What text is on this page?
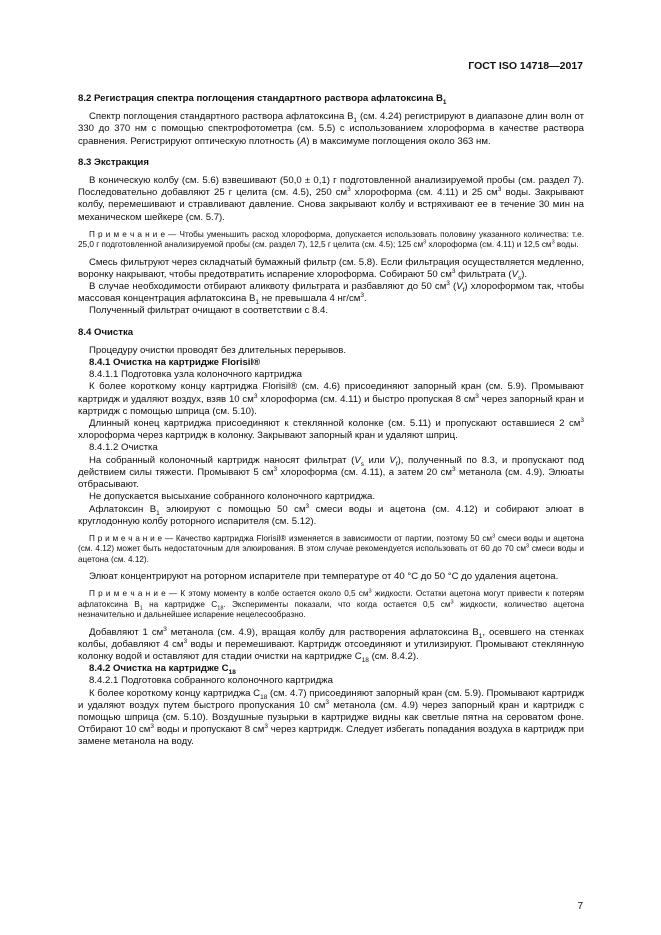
ГОСТ ISO 14718—2017
8.2 Регистрация спектра поглощения стандартного раствора афлатоксина $B_1$

Спектр поглощения стандартного раствора афлатоксина $B_1$ (см. 4.24) регистрируют в диапазоне длин волн от 330 до 370 нм с помощью спектрофотометра (см. 5.5) с использованием хлороформа в качестве раствора сравнения. Регистрируют оптическую плотность (A) в максимуме поглощения около 363 нм.

8.3 Экстракция

В коническую колбу (см. 5.6) взвешивают (50,0 ± 0,1) г подготовленной анализируемой пробы (см. раздел 7). Последовательно добавляют 25 г целита (см. 4.5), 250 $см^3$ хлороформа (см. 4.11) и 25 $см^3$ воды. Закрывают колбу, перемешивают и стравливают давление. Снова закрывают колбу и встряхивают ее в течение 30 мин на механическом шейкере (см. 5.7).

П р и м е ч а н и е — Чтобы уменьшить расход хлороформа, допускается использовать половину указанного количества: т.е. 25,0 г подготовленной анализируемой пробы (см. раздел 7), 12,5 г целита (см. 4.5); 125 $см^3$ хлороформа (см. 4.11) и 12,5 $см^3$ воды.

Смесь фильтруют через складчатый бумажный фильтр (см. 5.8). Если фильтрация осуществляется медленно, воронку накрывают, чтобы предотвратить испарение хлороформа. Собирают 50 $см^3$ фильтрата $(V_s)$.

В случае необходимости отбирают аликвоту фильтрата и разбавляют до 50 $см^3$ $(V_f)$ хлороформом так, чтобы массовая концентрация афлатоксина $B_1$ не превышала 4 $нг/см^3$.

Полученный фильтрат очищают в соответствии с 8.4.

8.4 Очистка

Процедуру очистки проводят без длительных перерывов.

8.4.1 Очистка на картридже Florisil®

8.4.1.1 Подготовка узла колоночного картриджа

К более короткому концу картриджа Florisil® (см. 4.6) присоединяют запорный кран (см. 5.9). Промывают картридж и удаляют воздух, взяв 10 $см^3$ хлороформа (см. 4.11) и быстро пропуская 8 $см^3$ через запорный кран и картридж с помощью шприца (см. 5.10).

Длинный конец картриджа присоединяют к стеклянной колонке (см. 5.11) и пропускают оставшиеся 2 $см^3$ хлороформа через картридж в колонку. Закрывают запорный кран и удаляют шприц.

8.4.1.2 Очистка

На собранный колоночный картридж наносят фильтрат ($V_s$ или $V_f$), полученный по 8.3, и пропускают под действием силы тяжести. Промывают 5 $см^3$ хлороформа (см. 4.11), а затем 20 $см^3$ метанола (см. 4.9). Элюаты отбрасывают.

Не допускается высыхание собранного колоночного картриджа.

Афлатоксин $B_1$ элюируют с помощью 50 $см^3$ смеси воды и ацетона (см. 4.12) и собирают элюат в круглодонную колбу роторного испарителя (см. 5.12).

П р и м е ч а н и е — Качество картриджа Florisil® изменяется в зависимости от партии, поэтому 50 $см^3$ смеси воды и ацетона (см. 4.12) может быть недостаточным для элюирования. В этом случае рекомендуется использовать от 60 до 70 $см^3$ смеси воды и ацетона (см. 4.12).

Элюат концентрируют на роторном испарителе при температуре от 40 °C до 50 °C до удаления ацетона.

П р и м е ч а н и е — К этому моменту в колбе остается около 0,5 $см^3$ жидкости. Остатки ацетона могут привести к потерям афлатоксина $B_1$ на картридже $C_{18}$. Эксперименты показали, что когда остается 0,5 $см^3$ жидкости, количество ацетона незначительно и дальнейшее испарение нецелесообразно.

Добавляют 1 $см^3$ метанола (см. 4.9), вращая колбу для растворения афлатоксина $B_1$, осевшего на стенках колбы, добавляют 4 $см^3$ воды и перемешивают. Картридж отсоединяют и утилизируют. Промывают стеклянную колонку водой и оставляют для стадии очистки на картридже $C_{18}$ (см. 8.4.2).

8.4.2 Очистка на картридже $C_{18}$

8.4.2.1 Подготовка собранного колоночного картриджа

К более короткому концу картриджа $C_{18}$ (см. 4.7) присоединяют запорный кран (см. 5.9). Промывают картридж и удаляют воздух путем быстрого пропускания 10 $см^3$ метанола (см. 4.9) через запорный кран и картридж с помощью шприца (см. 5.10). Воздушные пузырьки в картридже видны как светлые пятна на сероватом фоне. Отбирают 10 $см^3$ воды и пропускают 8 $см^3$ через картридж. Следует избегать попадания воздуха в картридж при замене метанола на воду.

7
